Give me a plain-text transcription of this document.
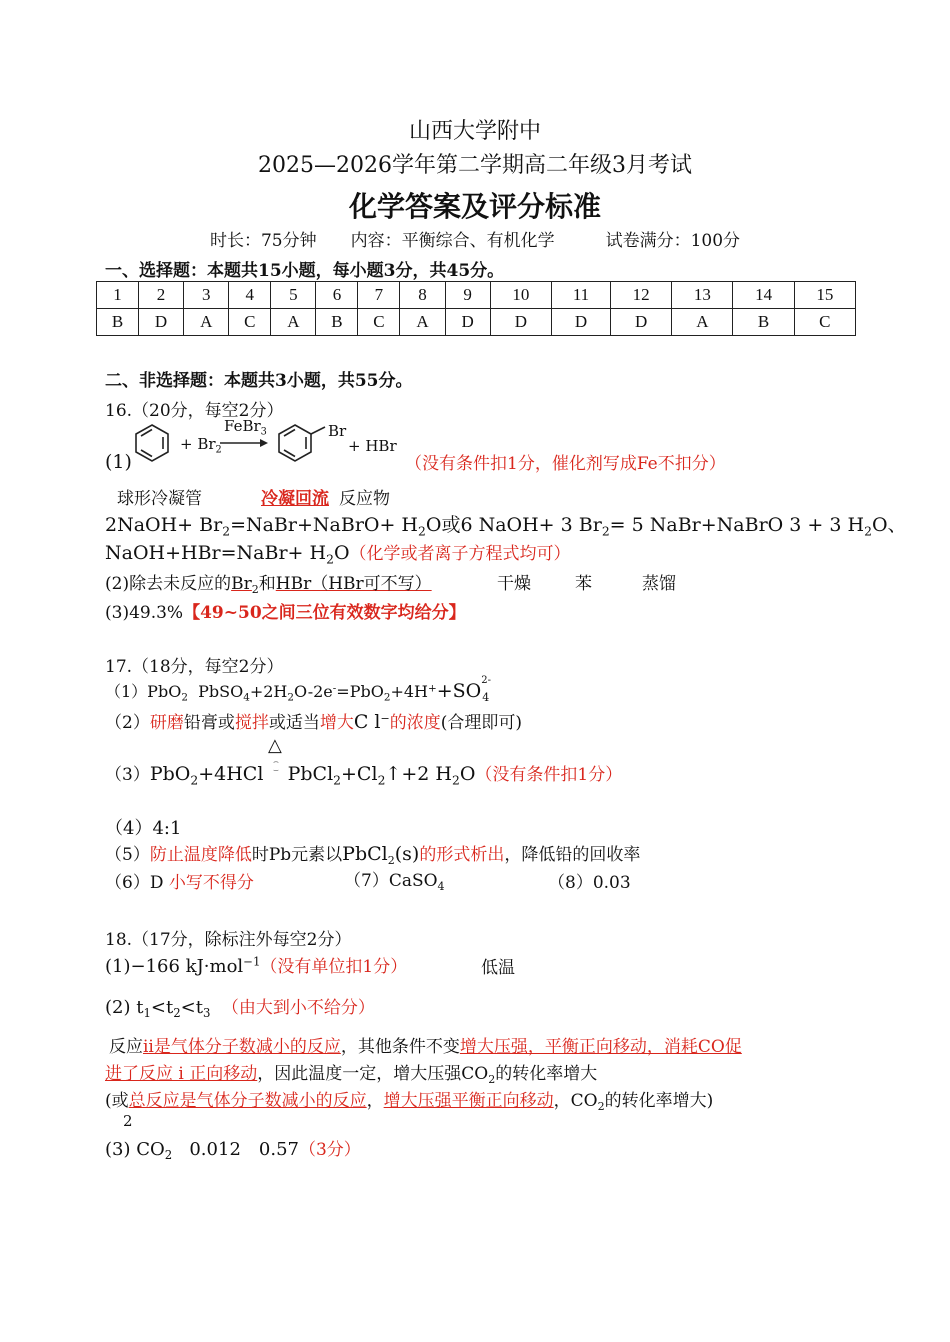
山西大学附中
2025—2026学年第二学期高二年级3月考试
化学答案及评分标准
时长：75分钟　　内容：平衡综合、有机化学　　　试卷满分：100分
一、选择题：本题共15小题，每小题3分，共45分。
1	2	3	4	5	6	7	8	9	10	11	12	13	14	15
B	D	A	C	A	B	C	A	D	D	D	D	A	B	C
二、非选择题：本题共3小题，共55分。
16.（20分，每空2分）
(1)
+ $Br_2$
FeBr$_3$	Br
+ HBr
（没有条件扣1分，催化剂写成Fe不扣分）
球形冷凝管	冷凝回流 反应物
2NaOH+ $Br_2=NaBr+NaBrO+ H_2O$或6 NaOH+ 3 $Br_2= 5$ NaBr+NaBrO 3 + 3 $H_2O$、
NaOH+HBr=NaBr+ $H_2O$（化学或者离子方程式均可）
(2)除去未反应的$Br_2$和HBr（HBr可不写）	干燥	苯	蒸馏
(3)49.3%【49~50之间三位有效数字均给分】
17.（18分，每空2分）
（1）PbO$_2$ $PbSO_4+2H_2O-2e^-=PbO_2+4H^++SO$ 2-
4
（2）研磨铅膏或搅拌或适当增大C l−的浓度(合理即可)
△
⌢
⌣
（3）PbO$_2$+4HCl $PbCl_2+Cl_2↑+2$ $H_2O$（没有条件扣1分）
（4）4:1
（5）防止温度降低时Pb元素以PbCl$_2$(s)的形式析出，降低铅的回收率
（6）D 小写不得分	（7）CaSO$_4$	（8）0.03
18.（17分，除标注外每空2分）
(1)−166 kJ·mol$^{-1}$（没有单位扣1分）	低温
(2) $t_1<t_2<t_3$ （由大到小不给分）
反应ii是气体分子数减小的反应，其他条件不变增大压强，平衡正向移动，消耗CO促
进了反应 i 正向移动，因此温度一定，增大压强$CO_2$的转化率增大
(或总反应是气体分子数减小的反应，增大压强平衡正向移动，$CO_2$的转化率增大)
2
(3) $CO_2$ 0.012　0.57（3分）
